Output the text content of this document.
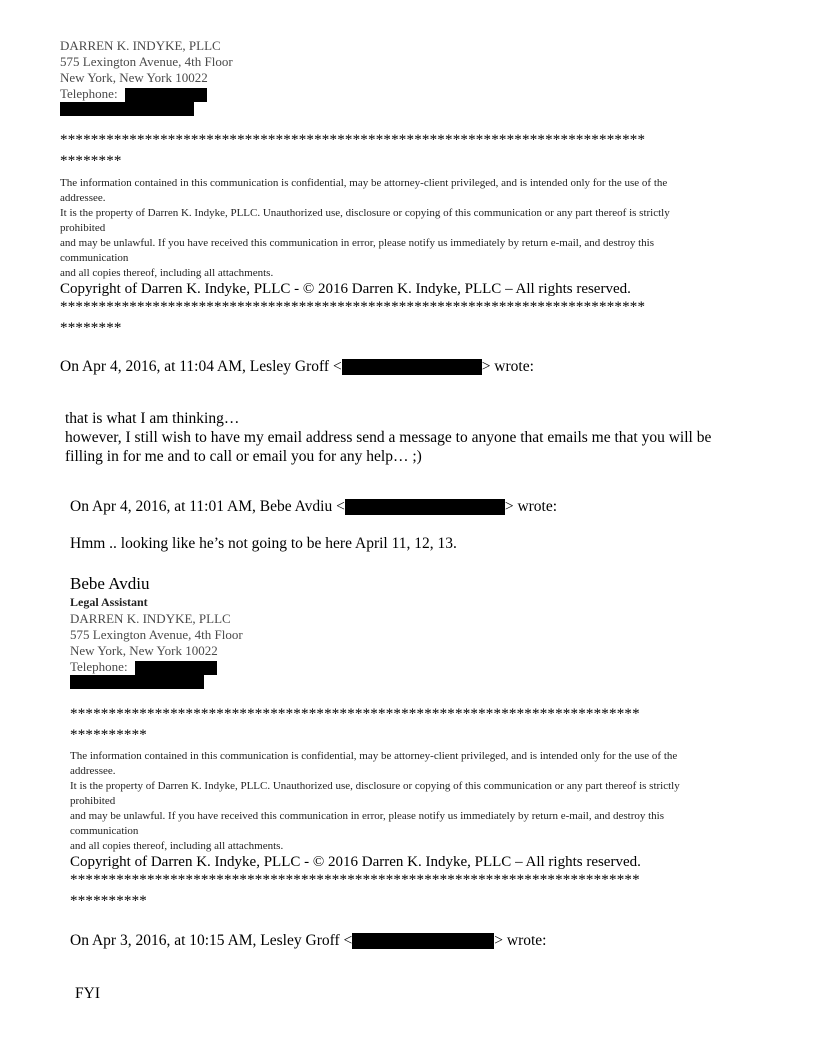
DARREN K. INDYKE, PLLC
575 Lexington Avenue, 4th Floor
New York, New York 10022
Telephone:
****************************************************************************
********
The information contained in this communication is confidential, may be attorney-client privileged, and is intended only for the use of the
addressee.
It is the property of Darren K. Indyke, PLLC. Unauthorized use, disclosure or copying of this communication or any part thereof is strictly
prohibited
and may be unlawful. If you have received this communication in error, please notify us immediately by return e-mail, and destroy this
communication
and all copies thereof, including all attachments.
Copyright of Darren K. Indyke, PLLC - © 2016 Darren K. Indyke, PLLC – All rights reserved.
****************************************************************************
********
On Apr 4, 2016, at 11:04 AM, Lesley Groff <	> wrote:
that is what I am thinking…
however, I still wish to have my email address send a message to anyone that emails me that you will be
filling in for me and to call or email you for any help… ;)
On Apr 4, 2016, at 11:01 AM, Bebe Avdiu <	> wrote:
Hmm .. looking like he’s not going to be here April 11, 12, 13.
Bebe Avdiu
Legal Assistant
DARREN K. INDYKE, PLLC
575 Lexington Avenue, 4th Floor
New York, New York 10022
Telephone:
**************************************************************************
**********
The information contained in this communication is confidential, may be attorney-client privileged, and is intended only for the use of the
addressee.
It is the property of Darren K. Indyke, PLLC. Unauthorized use, disclosure or copying of this communication or any part thereof is strictly
prohibited
and may be unlawful. If you have received this communication in error, please notify us immediately by return e-mail, and destroy this
communication
and all copies thereof, including all attachments.
Copyright of Darren K. Indyke, PLLC - © 2016 Darren K. Indyke, PLLC – All rights reserved.
**************************************************************************
**********
On Apr 3, 2016, at 10:15 AM, Lesley Groff <	> wrote:
FYI
